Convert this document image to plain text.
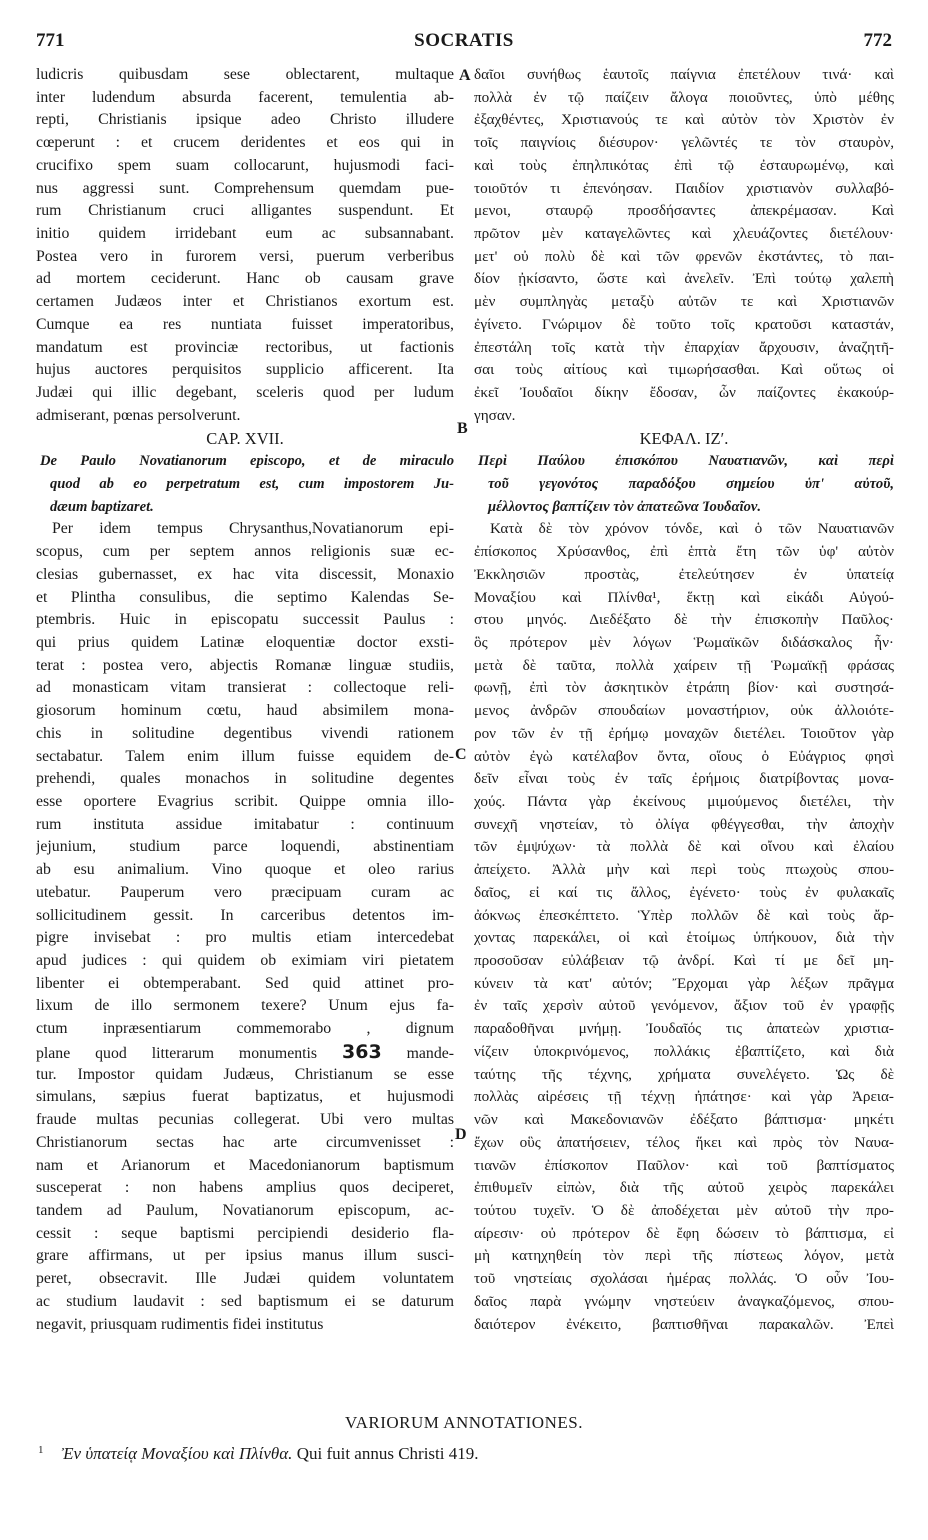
771	SOCRATIS	772
A
B
C
D
ludicris quibusdam sese oblectarent, multaque
inter ludendum absurda facerent, temulentia ab-
repti, Christianis ipsique adeo Christo illudere
cœperunt : et crucem deridentes et eos qui in
crucifixo spem suam collocarunt, hujusmodi faci-
nus aggressi sunt. Comprehensum quemdam pue-
rum Christianum cruci alligantes suspendunt. Et
initio quidem irridebant eum ac subsannabant.
Postea vero in furorem versi, puerum verberibus
ad mortem ceciderunt. Hanc ob causam grave
certamen Judæos inter et Christianos exortum est.
Cumque ea res nuntiata fuisset imperatoribus,
mandatum est provinciæ rectoribus, ut factionis
hujus auctores perquisitos supplicio afficerent. Ita
Judæi qui illic degebant, sceleris quod per ludum
admiserant, pœnas persolverunt.
CAP. XVII.
De Paulo Novatianorum episcopo, et de miraculo
quod ab eo perpetratum est, cum impostorem Ju-
dæum baptizaret.
Per idem tempus Chrysanthus,Novatianorum epi-
scopus, cum per septem annos religionis suæ ec-
clesias gubernasset, ex hac vita discessit, Monaxio
et Plintha consulibus, die septimo Kalendas Se-
ptembris. Huic in episcopatu successit Paulus :
qui prius quidem Latinæ eloquentiæ doctor exsti-
terat : postea vero, abjectis Romanæ linguæ studiis,
ad monasticam vitam transierat : collectoque reli-
giosorum hominum cœtu, haud absimilem mona-
chis in solitudine degentibus vivendi rationem
sectabatur. Talem enim illum fuisse equidem de-
prehendi, quales monachos in solitudine degentes
esse oportere Evagrius scribit. Quippe omnia illo-
rum instituta assidue imitabatur : continuum
jejunium, studium parce loquendi, abstinentiam
ab esu animalium. Vino quoque et oleo rarius
utebatur. Pauperum vero præcipuam curam ac
sollicitudinem gessit. In carceribus detentos im-
pigre invisebat : pro multis etiam intercedebat
apud judices : qui quidem ob eximiam viri pietatem
libenter ei obtemperabant. Sed quid attinet pro-
lixum de illo sermonem texere? Unum ejus fa-
ctum inpræsentiarum commemorabo , dignum
plane quod litterarum monumentis 363 mande-
tur. Impostor quidam Judæus, Christianum se esse
simulans, sæpius fuerat baptizatus, et hujusmodi
fraude multas pecunias collegerat. Ubi vero multas
Christianorum sectas hac arte circumvenisset :
nam et Arianorum et Macedonianorum baptismum
susceperat : non habens amplius quos deciperet,
tandem ad Paulum, Novatianorum episcopum, ac-
cessit : seque baptismi percipiendi desiderio fla-
grare affirmans, ut per ipsius manus illum susci-
peret, obsecravit. Ille Judæi quidem voluntatem
ac studium laudavit : sed baptismum ei se daturum
negavit, priusquam rudimentis fidei institutus
δαῖοι συνήθως ἑαυτοῖς παίγνια ἐπετέλουν τινά· καὶ
πολλὰ ἐν τῷ παίζειν ἄλογα ποιοῦντες, ὑπὸ μέθης
ἐξαχθέντες, Χριστιανούς τε καὶ αὐτὸν τὸν Χριστὸν ἐν
τοῖς παιγνίοις διέσυρον· γελῶντές τε τὸν σταυρὸν,
καὶ τοὺς ἐπηλπικότας ἐπὶ τῷ ἐσταυρωμένῳ, καὶ
τοιοῦτόν τι ἐπενόησαν. Παιδίον χριστιανὸν συλλαβό-
μενοι, σταυρῷ προσδήσαντες ἀπεκρέμασαν. Καὶ
πρῶτον μὲν καταγελῶντες καὶ χλευάζοντες διετέλουν·
μετ' οὐ πολὺ δὲ καὶ τῶν φρενῶν ἐκστάντες, τὸ παι-
δίον ᾐκίσαντο, ὥστε καὶ ἀνελεῖν. Ἐπὶ τούτῳ χαλεπὴ
μὲν συμπληγὰς μεταξὺ αὐτῶν τε καὶ Χριστιανῶν
ἐγίνετο. Γνώριμον δὲ τοῦτο τοῖς κρατοῦσι καταστάν,
ἐπεστάλη τοῖς κατὰ τὴν ἐπαρχίαν ἄρχουσιν, ἀναζητῆ-
σαι τοὺς αἰτίους καὶ τιμωρήσασθαι. Καὶ οὕτως οἱ
ἐκεῖ Ἰουδαῖοι δίκην ἔδοσαν, ὧν παίζοντες ἐκακούρ-
γησαν.
ΚΕΦΑΛ. ΙΖʹ.
Περὶ Παύλου ἐπισκόπου Ναυατιανῶν, καὶ περὶ
τοῦ γεγονότος παραδόξου σημείου ὑπ' αὐτοῦ,
μέλλοντος βαπτίζειν τὸν ἀπατεῶνα Ἰουδαῖον.
Κατὰ δὲ τὸν χρόνον τόνδε, καὶ ὁ τῶν Ναυατιανῶν
ἐπίσκοπος Χρύσανθος, ἐπὶ ἑπτὰ ἔτη τῶν ὑφ' αὐτὸν
Ἐκκλησιῶν προστὰς, ἐτελεύτησεν ἐν ὑπατείᾳ
Μοναξίου καὶ Πλίνθα¹, ἕκτῃ καὶ εἰκάδι Αὐγού-
στου μηνός. Διεδέξατο δὲ τὴν ἐπισκοπὴν Παῦλος·
ὃς πρότερον μὲν λόγων Ῥωμαϊκῶν διδάσκαλος ἦν·
μετὰ δὲ ταῦτα, πολλὰ χαίρειν τῇ Ῥωμαϊκῇ φράσας
φωνῇ, ἐπὶ τὸν ἀσκητικὸν ἐτράπη βίον· καὶ συστησά-
μενος ἀνδρῶν σπουδαίων μοναστήριον, οὐκ ἀλλοιότε-
ρον τῶν ἐν τῇ ἐρήμῳ μοναχῶν διετέλει. Τοιοῦτον γὰρ
αὐτὸν ἐγὼ κατέλαβον ὄντα, οἵους ὁ Εὐάγριος φησὶ
δεῖν εἶναι τοὺς ἐν ταῖς ἐρήμοις διατρίβοντας μονα-
χούς. Πάντα γὰρ ἐκείνους μιμούμενος διετέλει, τὴν
συνεχῆ νηστείαν, τὸ ὀλίγα φθέγγεσθαι, τὴν ἀποχὴν
τῶν ἐμψύχων· τὰ πολλὰ δὲ καὶ οἴνου καὶ ἐλαίου
ἀπείχετο. Ἀλλὰ μὴν καὶ περὶ τοὺς πτωχοὺς σπου-
δαῖος, εἰ καί τις ἄλλος, ἐγένετο· τοὺς ἐν φυλακαῖς
ἀόκνως ἐπεσκέπτετο. Ὑπὲρ πολλῶν δὲ καὶ τοὺς ἄρ-
χοντας παρεκάλει, οἱ καὶ ἑτοίμως ὑπήκουον, διὰ τὴν
προσοῦσαν εὐλάβειαν τῷ ἀνδρί. Καὶ τί με δεῖ μη-
κύνειν τὰ κατ' αὐτόν; Ἔρχομαι γὰρ λέξων πρᾶγμα
ἐν ταῖς χερσὶν αὐτοῦ γενόμενον, ἄξιον τοῦ ἐν γραφῇς
παραδοθῆναι μνήμῃ. Ἰουδαῖός τις ἀπατεὼν χριστια-
νίζειν ὑποκρινόμενος, πολλάκις ἐβαπτίζετο, καὶ διὰ
ταύτης τῆς τέχνης, χρήματα συνελέγετο. Ὡς δὲ
πολλὰς αἱρέσεις τῇ τέχνῃ ἠπάτησε· καὶ γὰρ Ἀρεια-
νῶν καὶ Μακεδονιανῶν ἐδέξατο βάπτισμα· μηκέτι
ἔχων οὓς ἀπατήσειεν, τέλος ἥκει καὶ πρὸς τὸν Ναυα-
τιανῶν ἐπίσκοπον Παῦλον· καὶ τοῦ βαπτίσματος
ἐπιθυμεῖν εἰπὼν, διὰ τῆς αὐτοῦ χειρὸς παρεκάλει
τούτου τυχεῖν. Ὁ δὲ ἀποδέχεται μὲν αὐτοῦ τὴν προ-
αίρεσιν· οὐ πρότερον δὲ ἔφη δώσειν τὸ βάπτισμα, εἰ
μὴ κατηχηθείη τὸν περὶ τῆς πίστεως λόγον, μετὰ
τοῦ νηστείαις σχολάσαι ἡμέρας πολλάς. Ὁ οὖν Ἰου-
δαῖος παρὰ γνώμην νηστεύειν ἀναγκαζόμενος, σπου-
δαιότερον ἐνέκειτο, βαπτισθῆναι παρακαλῶν. Ἐπεὶ
VARIORUM ANNOTATIONES.
$^1$ Ἐν ὑπατείᾳ Μοναξίου καὶ Πλίνθα. Qui fuit annus Christi 419.
